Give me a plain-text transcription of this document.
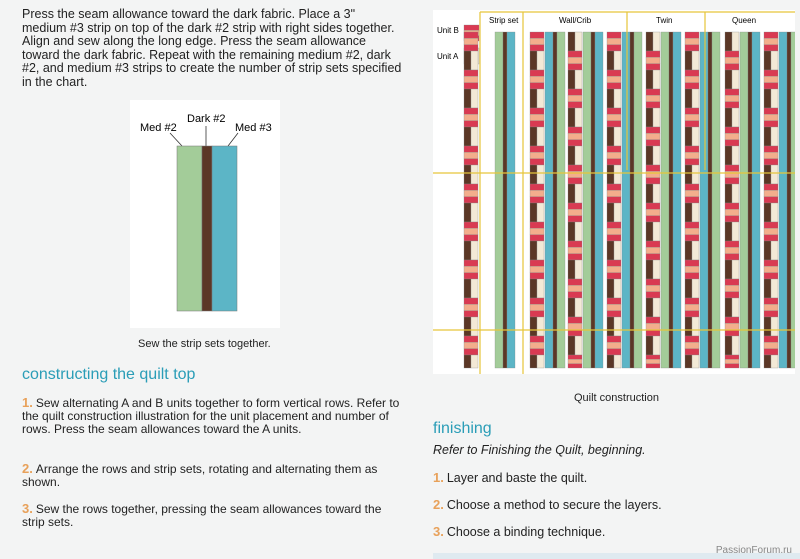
Press the seam allowance toward the dark fabric. Place a 3ʺ medium #3 strip on top of the dark #2 strip with right sides together. Align and sew along the long edge. Press the seam allowance toward the dark fabric. Repeat with the remaining medium #2, dark #2, and medium #3 strips to create the number of strip sets specified in the chart.

Med #2
Dark #2
Med #3
Sew the strip sets together.
constructing the quilt top

1. Sew alternating A and B units together to form vertical rows. Refer to the quilt construction illustration for the unit placement and number of rows. Press the seam allowances toward the A units.

2. Arrange the rows and strip sets, rotating and alternating them as shown.

3. Sew the rows together, pressing the seam allowances toward the strip sets.

Unit B
Unit A
Strip set	Wall/Crib	Twin	Queen
Quilt construction
finishing

Refer to Finishing the Quilt, beginning.

1. Layer and baste the quilt.

2. Choose a method to secure the layers.

3. Choose a binding technique.

PassionForum.ru
